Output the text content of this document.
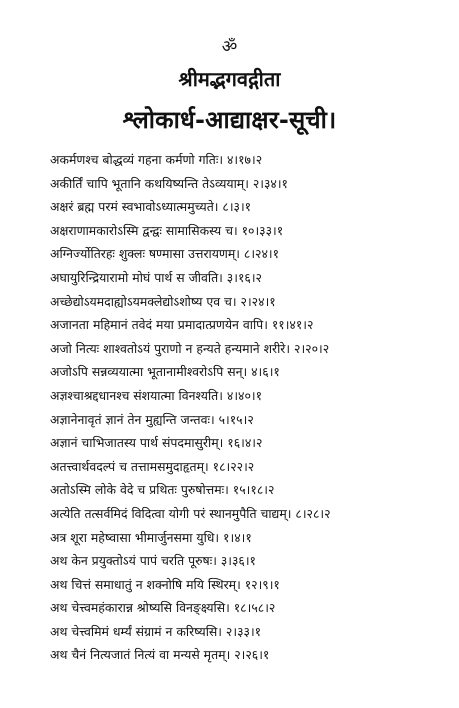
ॐ
श्रीमद्भगवद्गीता
श्लोकार्ध-आद्याक्षर-सूची।
अकर्मणश्च बोद्धव्यं गहना कर्मणो गतिः। ४।१७।२
अकीर्तिं चापि भूतानि कथयिष्यन्ति तेऽव्ययाम्। २।३४।१
अक्षरं ब्रह्म परमं स्वभावोऽध्यात्ममुच्यते। ८।३।१
अक्षराणामकारोऽस्मि द्वन्द्वः सामासिकस्य च। १०।३३।१
अग्निर्ज्योतिरहः शुक्लः षण्मासा उत्तरायणम्। ८।२४।१
अघायुरिन्द्रियारामो मोघं पार्थ स जीवति। ३।१६।२
अच्छेद्योऽयमदाह्योऽयमक्लेद्योऽशोष्य एव च। २।२४।१
अजानता महिमानं तवेदं मया प्रमादात्प्रणयेन वापि। ११।४१।२
अजो नित्यः शाश्वतोऽयं पुराणो न हन्यते हन्यमाने शरीरे। २।२०।२
अजोऽपि सन्नव्ययात्मा भूतानामीश्वरोऽपि सन्। ४।६।१
अज्ञश्चाश्रद्दधानश्च संशयात्मा विनश्यति। ४।४०।१
अज्ञानेनावृतं ज्ञानं तेन मुह्यन्ति जन्तवः। ५।१५।२
अज्ञानं चाभिजातस्य पार्थ संपदमासुरीम्। १६।४।२
अतत्त्वार्थवदल्पं च तत्तामसमुदाहृतम्। १८।२२।२
अतोऽस्मि लोके वेदे च प्रथितः पुरुषोत्तमः। १५।१८।२
अत्येति तत्सर्वमिदं विदित्वा योगी परं स्थानमुपैति चाद्यम्। ८।२८।२
अत्र शूरा महेष्वासा भीमार्जुनसमा युधि। १।४।१
अथ केन प्रयुक्तोऽयं पापं चरति पूरुषः। ३।३६।१
अथ चित्तं समाधातुं न शक्नोषि मयि स्थिरम्। १२।९।१
अथ चेत्त्वमहंकारान्न श्रोष्यसि विनङ्क्ष्यसि। १८।५८।२
अथ चेत्त्वमिमं धर्म्यं संग्रामं न करिष्यसि। २।३३।१
अथ चैनं नित्यजातं नित्यं वा मन्यसे मृतम्। २।२६।१
